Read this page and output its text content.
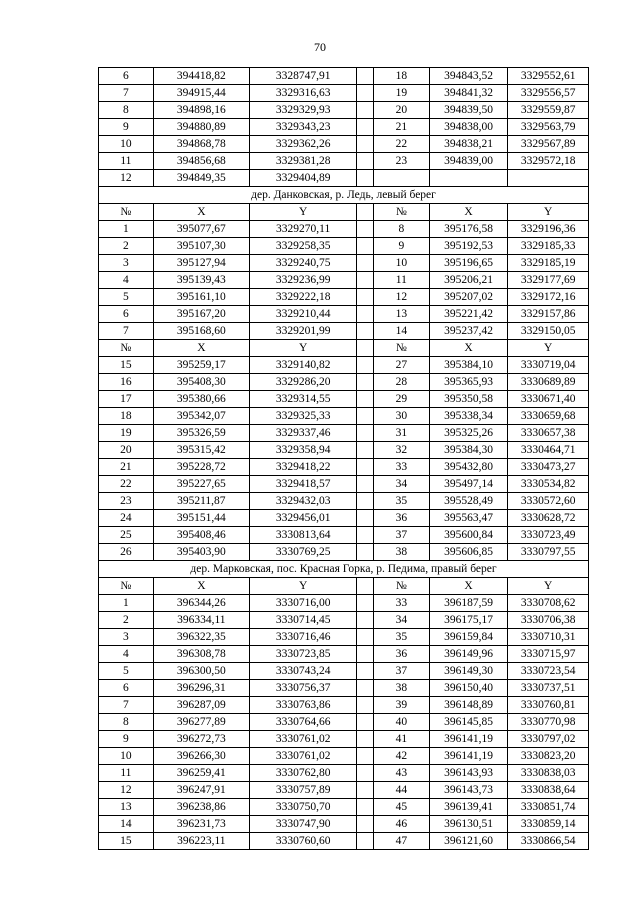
70
6	394418,82	3328747,91		18	394843,52	3329552,61
7	394915,44	3329316,63		19	394841,32	3329556,57
8	394898,16	3329329,93		20	394839,50	3329559,87
9	394880,89	3329343,23		21	394838,00	3329563,79
10	394868,78	3329362,26		22	394838,21	3329567,89
11	394856,68	3329381,28		23	394839,00	3329572,18
12	394849,35	3329404,89				
дер. Данковская, р. Ледь, левый берег						
№	X	Y		№	X	Y
1	395077,67	3329270,11		8	395176,58	3329196,36
2	395107,30	3329258,35		9	395192,53	3329185,33
3	395127,94	3329240,75		10	395196,65	3329185,19
4	395139,43	3329236,99		11	395206,21	3329177,69
5	395161,10	3329222,18		12	395207,02	3329172,16
6	395167,20	3329210,44		13	395221,42	3329157,86
7	395168,60	3329201,99		14	395237,42	3329150,05
№	X	Y		№	X	Y
15	395259,17	3329140,82		27	395384,10	3330719,04
16	395408,30	3329286,20		28	395365,93	3330689,89
17	395380,66	3329314,55		29	395350,58	3330671,40
18	395342,07	3329325,33		30	395338,34	3330659,68
19	395326,59	3329337,46		31	395325,26	3330657,38
20	395315,42	3329358,94		32	395384,30	3330464,71
21	395228,72	3329418,22		33	395432,80	3330473,27
22	395227,65	3329418,57		34	395497,14	3330534,82
23	395211,87	3329432,03		35	395528,49	3330572,60
24	395151,44	3329456,01		36	395563,47	3330628,72
25	395408,46	3330813,64		37	395600,84	3330723,49
26	395403,90	3330769,25		38	395606,85	3330797,55
дер. Марковская, пос. Красная Горка, р. Педима, правый берег						
№	X	Y		№	X	Y
1	396344,26	3330716,00		33	396187,59	3330708,62
2	396334,11	3330714,45		34	396175,17	3330706,38
3	396322,35	3330716,46		35	396159,84	3330710,31
4	396308,78	3330723,85		36	396149,96	3330715,97
5	396300,50	3330743,24		37	396149,30	3330723,54
6	396296,31	3330756,37		38	396150,40	3330737,51
7	396287,09	3330763,86		39	396148,89	3330760,81
8	396277,89	3330764,66		40	396145,85	3330770,98
9	396272,73	3330761,02		41	396141,19	3330797,02
10	396266,30	3330761,02		42	396141,19	3330823,20
11	396259,41	3330762,80		43	396143,93	3330838,03
12	396247,91	3330757,89		44	396143,73	3330838,64
13	396238,86	3330750,70		45	396139,41	3330851,74
14	396231,73	3330747,90		46	396130,51	3330859,14
15	396223,11	3330760,60		47	396121,60	3330866,54
